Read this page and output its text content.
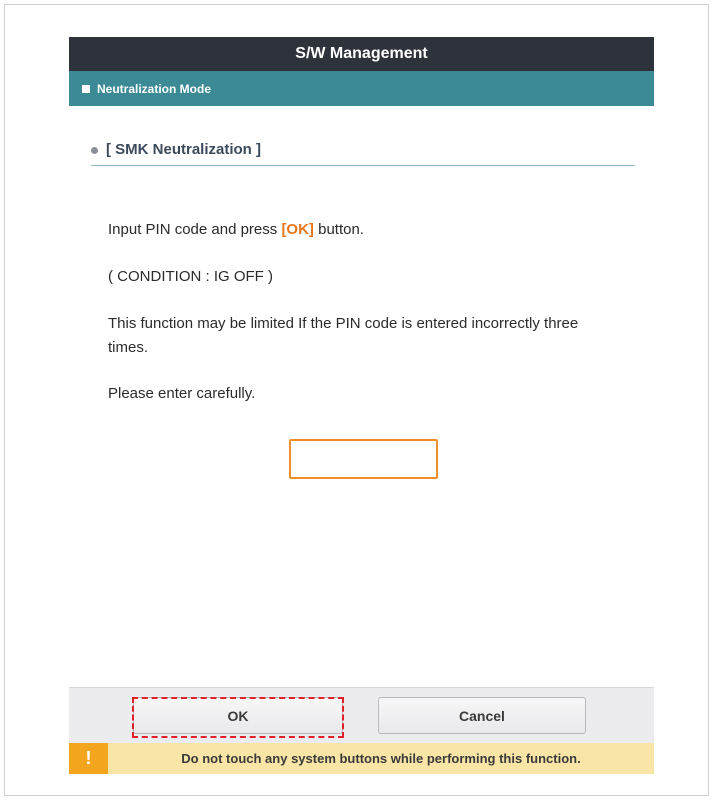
S/W Management
Neutralization Mode
[ SMK Neutralization ]
Input PIN code and press [OK] button.
( CONDITION : IG OFF )
This function may be limited If the PIN code is entered incorrectly three times.
Please enter carefully.
OK	Cancel
!	Do not touch any system buttons while performing this function.
